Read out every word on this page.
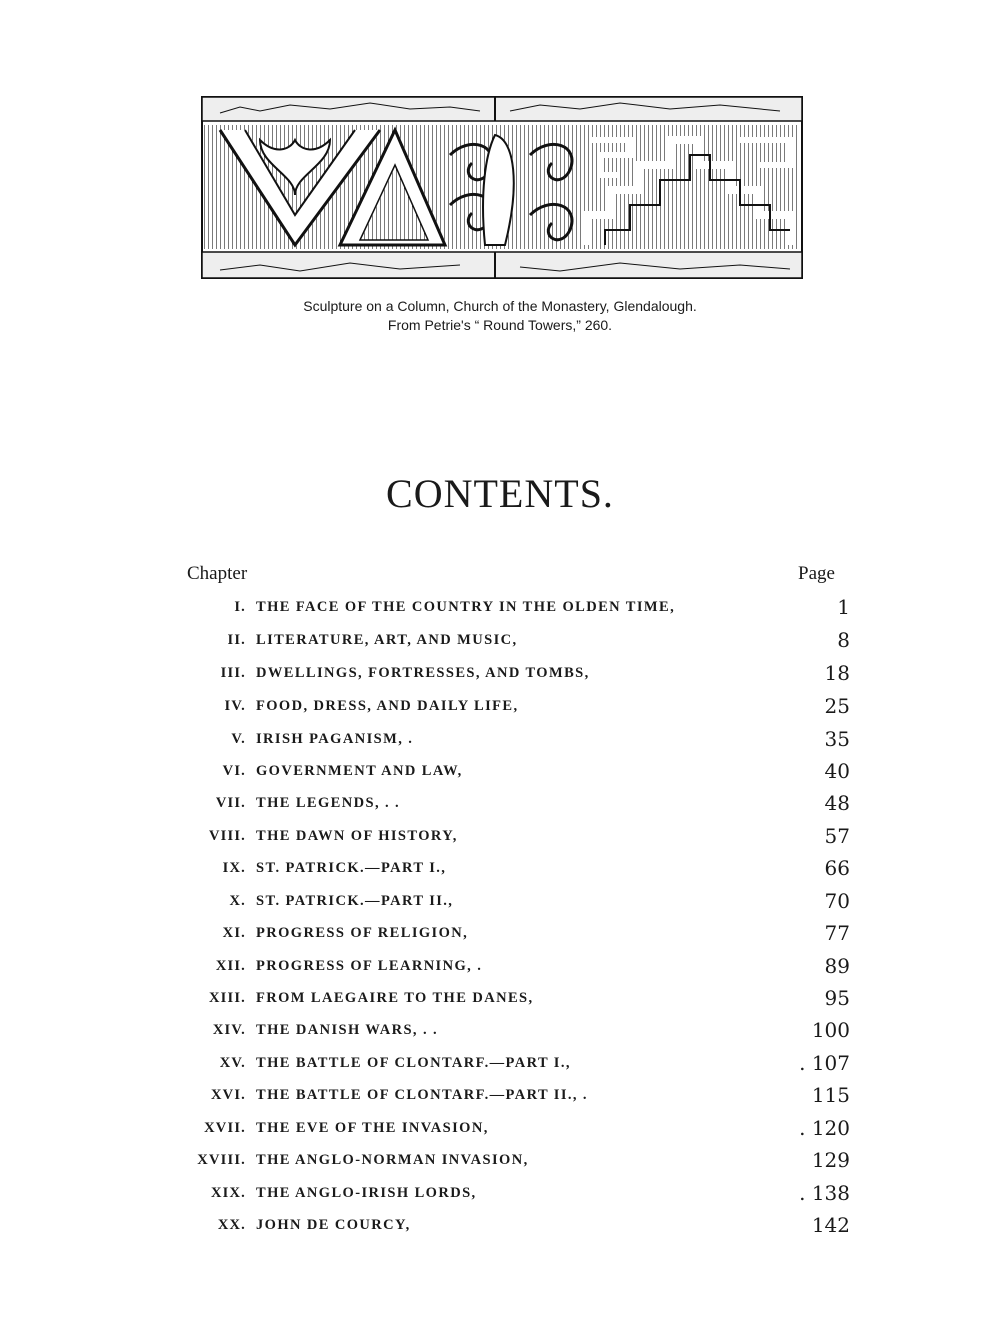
Sculpture on a Column, Church of the Monastery, Glendalough.
From Petrie's “ Round Towers,” 260.
CONTENTS.
Chapter	Page
I. THE FACE OF THE COUNTRY IN THE OLDEN TIME,	1
II. LITERATURE, ART, AND MUSIC,	8
III. DWELLINGS, FORTRESSES, AND TOMBS,	18
IV. FOOD, DRESS, AND DAILY LIFE,	25
V. IRISH PAGANISM, .	35
VI. GOVERNMENT AND LAW,	40
VII. THE LEGENDS, . .	48
VIII. THE DAWN OF HISTORY,	57
IX. ST. PATRICK.—PART I.,	66
X. ST. PATRICK.—PART II.,	70
XI. PROGRESS OF RELIGION,	77
XII. PROGRESS OF LEARNING, .	89
XIII. FROM LAEGAIRE TO THE DANES,	95
XIV. THE DANISH WARS, . .	100
XV. THE BATTLE OF CLONTARF.—PART I.,	. 107
XVI. THE BATTLE OF CLONTARF.—PART II., .	115
XVII. THE EVE OF THE INVASION,	. 120
XVIII. THE ANGLO-NORMAN INVASION,	129
XIX. THE ANGLO-IRISH LORDS,	. 138
XX. JOHN DE COURCY,	142
